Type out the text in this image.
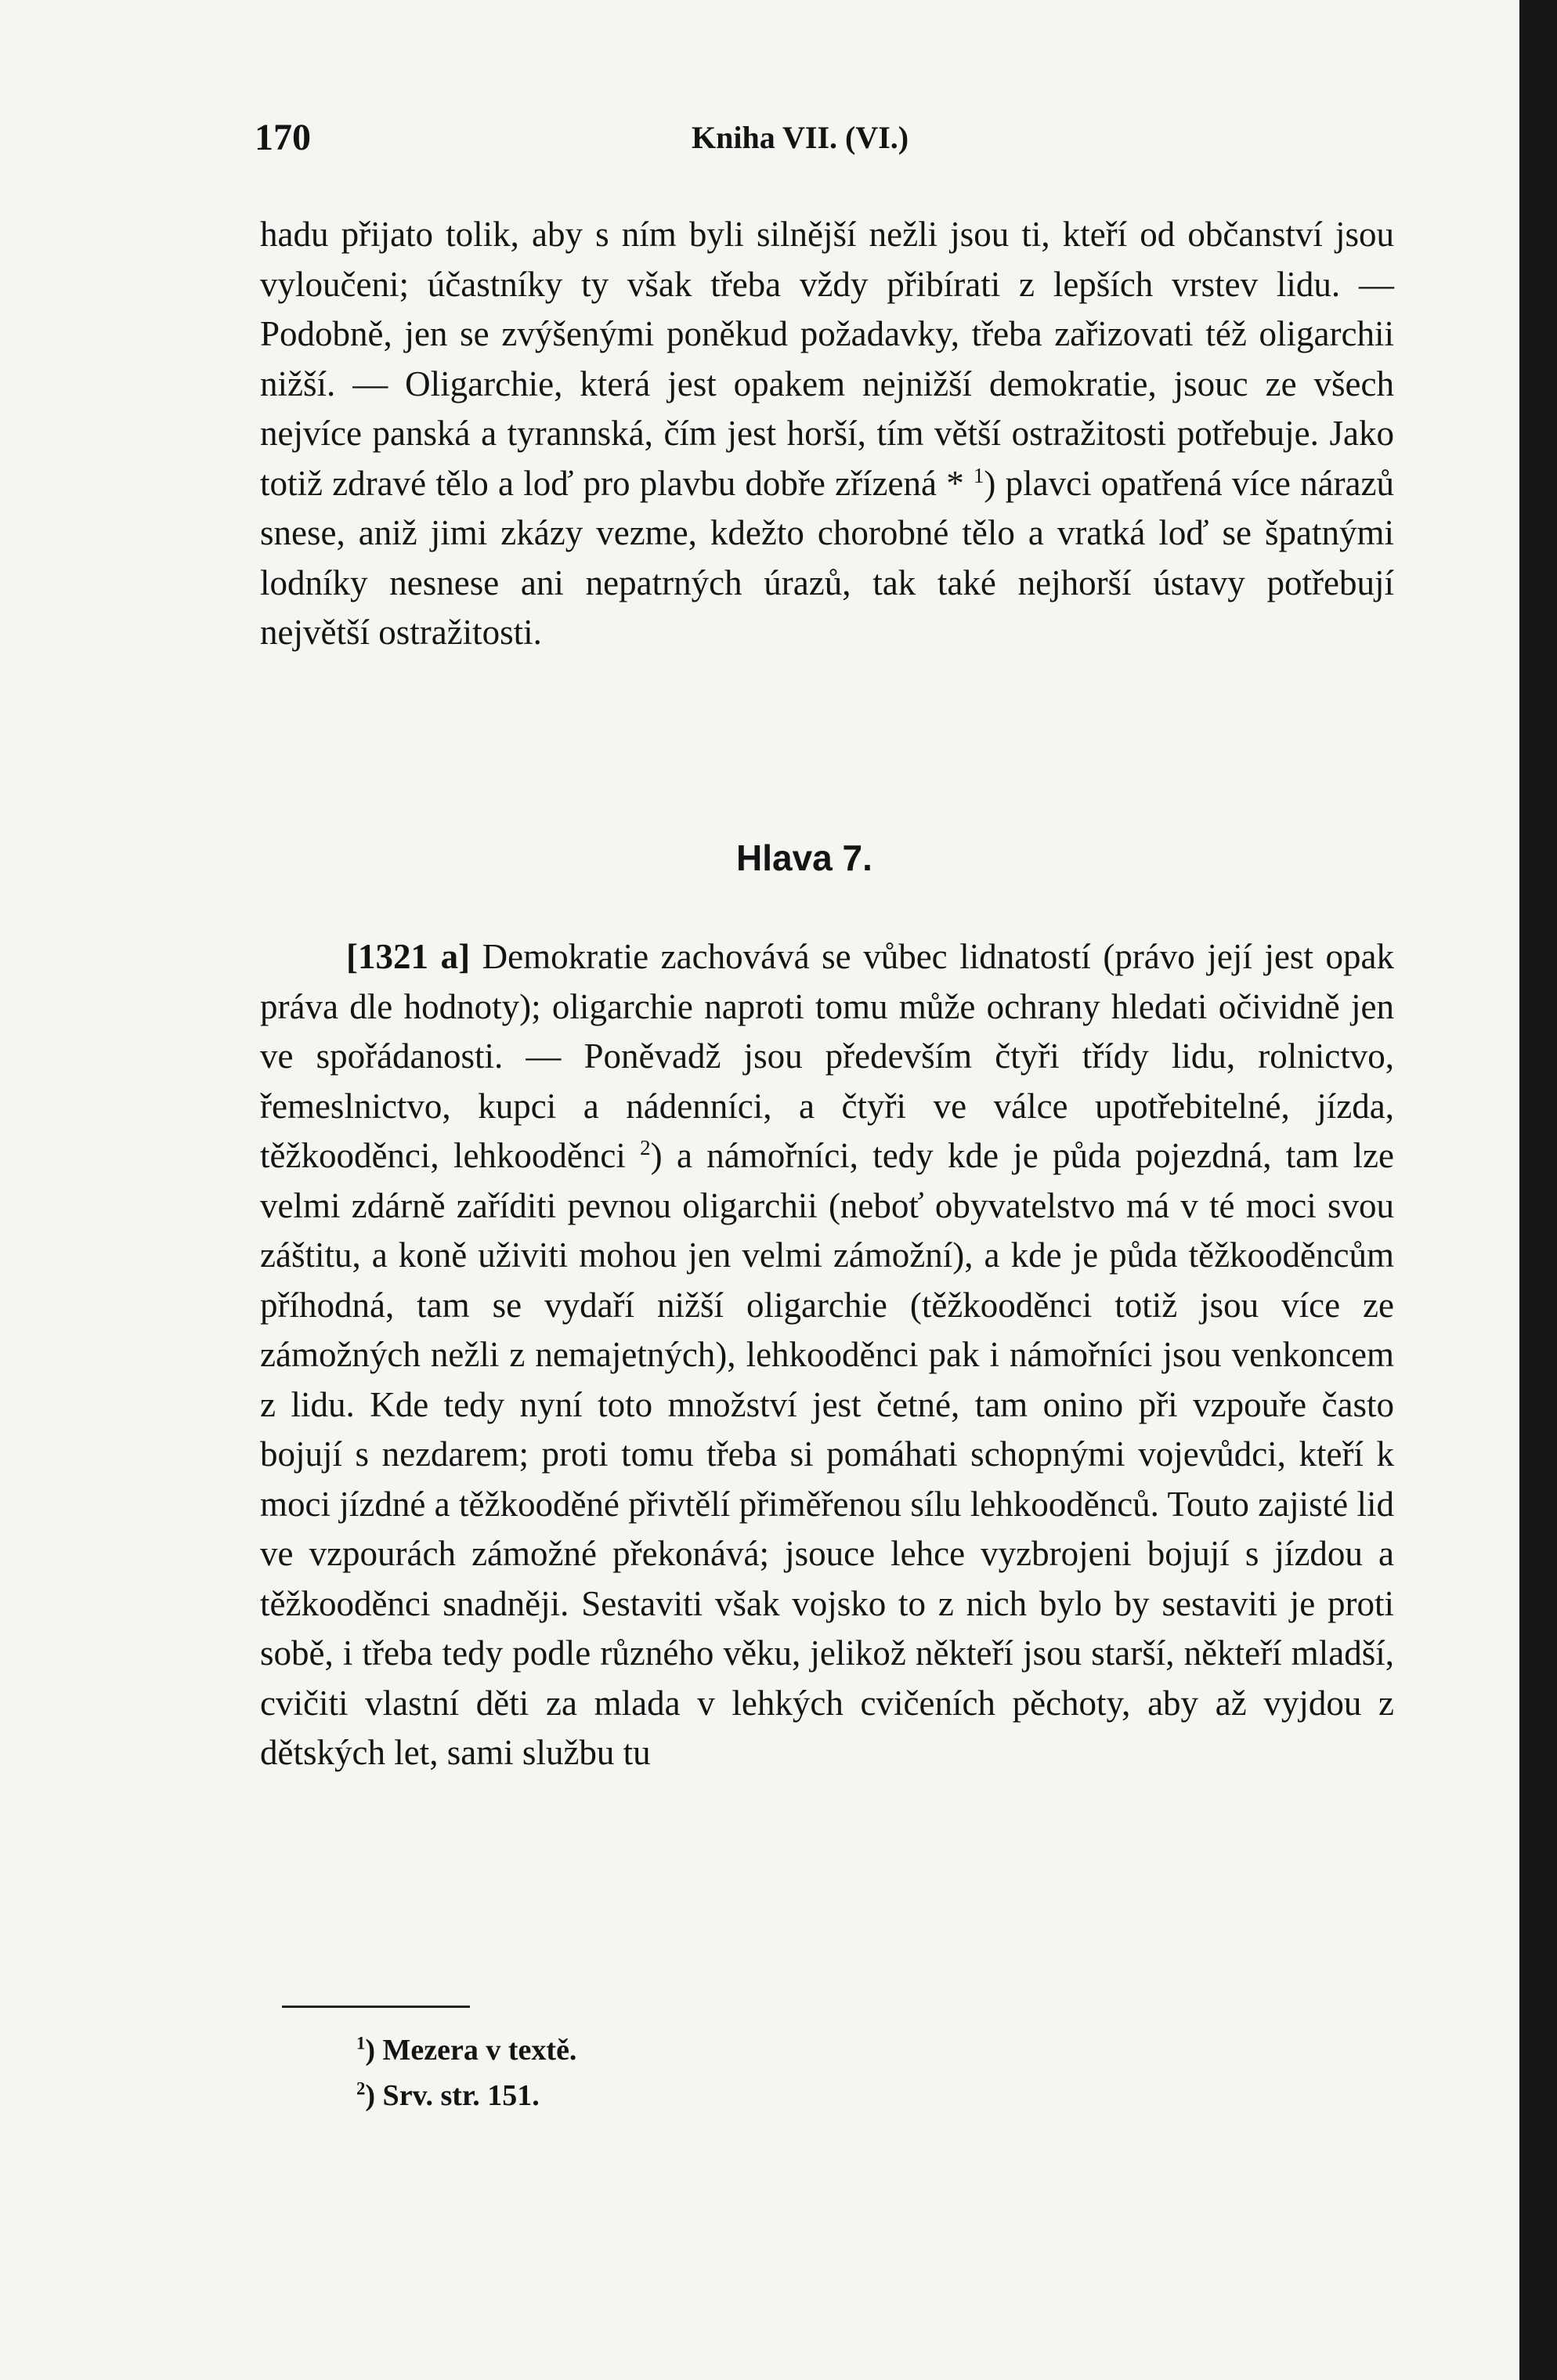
170	Kniha VII. (VI.)

hadu přijato tolik, aby s ním byli silnější nežli jsou ti, kteří od občanství jsou vyloučeni; účastníky ty však třeba vždy přibírati z lepších vrstev lidu. — Podobně, jen se zvýšenými poněkud požadavky, třeba zařizovati též oligarchii nižší. — Oligarchie, která jest opakem nejnižší demokratie, jsouc ze všech nejvíce panská a tyrannská, čím jest horší, tím větší ostražitosti potřebuje. Jako totiž zdravé tělo a loď pro plavbu dobře zřízená * $^1$) plavci opatřená více nárazů snese, aniž jimi zkázy vezme, kdežto chorobné tělo a vratká loď se špatnými lodníky nesnese ani nepatrných úrazů, tak také nejhorší ústavy potřebují největší ostražitosti.

Hlava 7.

[1321 a] Demokratie zachovává se vůbec lidnatostí (právo její jest opak práva dle hodnoty); oligarchie naproti tomu může ochrany hledati očividně jen ve spořádanosti. — Poněvadž jsou především čtyři třídy lidu, rolnictvo, řemeslnictvo, kupci a nádenníci, a čtyři ve válce upotřebitelné, jízda, těžkooděnci, lehkooděnci $^2$) a námořníci, tedy kde je půda pojezdná, tam lze velmi zdárně zaříditi pevnou oligarchii (neboť obyvatelstvo má v té moci svou záštitu, a koně uživiti mohou jen velmi zámožní), a kde je půda těžkooděncům příhodná, tam se vydaří nižší oligarchie (těžkooděnci totiž jsou více ze zámožných nežli z nemajetných), lehkooděnci pak i námořníci jsou venkoncem z lidu. Kde tedy nyní toto množství jest četné, tam onino při vzpouře často bojují s nezdarem; proti tomu třeba si pomáhati schopnými vojevůdci, kteří k moci jízdné a těžkooděné přivtělí přiměřenou sílu lehkooděnců. Touto zajisté lid ve vzpourách zámožné překonává; jsouce lehce vyzbrojeni bojují s jízdou a těžkooděnci snadněji. Sestaviti však vojsko to z nich bylo by sestaviti je proti sobě, i třeba tedy podle různého věku, jelikož někteří jsou starší, někteří mladší, cvičiti vlastní děti za mlada v lehkých cvičeních pěchoty, aby až vyjdou z dětských let, sami službu tu

$^1$) Mezera v textě.
$^2$) Srv. str. 151.
